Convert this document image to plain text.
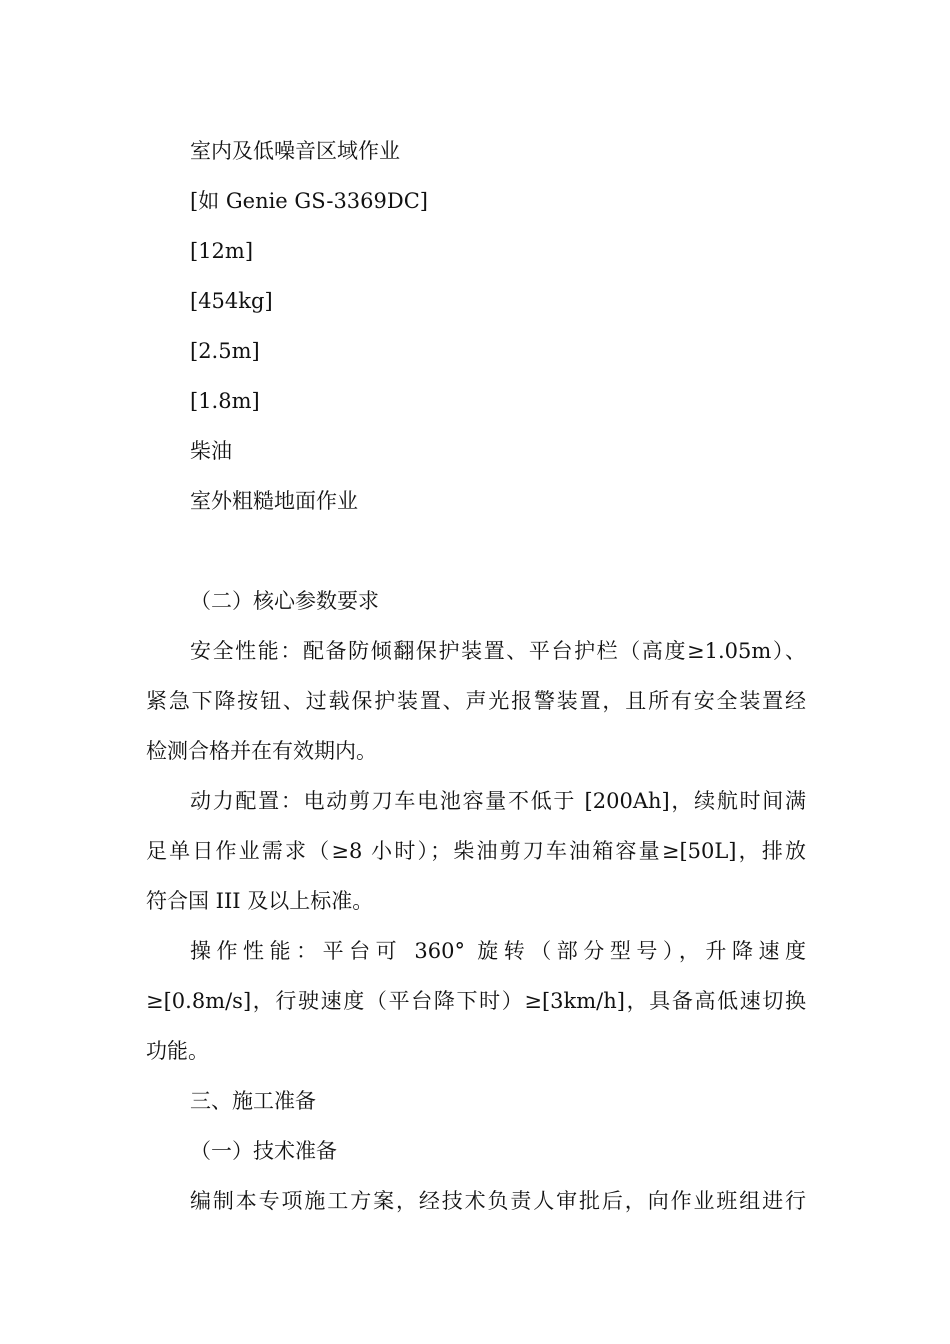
室内及低噪音区域作业
[如 Genie GS-3369DC]
[12m]
[454kg]
[2.5m]
[1.8m]
柴油
室外粗糙地面作业
（二）核心参数要求
安全性能：配备防倾翻保护装置、平台护栏（高度≥1.05m）、
紧急下降按钮、过载保护装置、声光报警装置，且所有安全装置经
检测合格并在有效期内。
动力配置：电动剪刀车电池容量不低于 [200Ah]，续航时间满
足单日作业需求（≥8 小时）；柴油剪刀车油箱容量≥[50L]，排放
符合国 III 及以上标准。
操作性能：平台可 360° 旋转（部分型号），升降速度
≥[0.8m/s]，行驶速度（平台降下时）≥[3km/h]，具备高低速切换
功能。
三、施工准备
（一）技术准备
编制本专项施工方案，经技术负责人审批后，向作业班组进行
